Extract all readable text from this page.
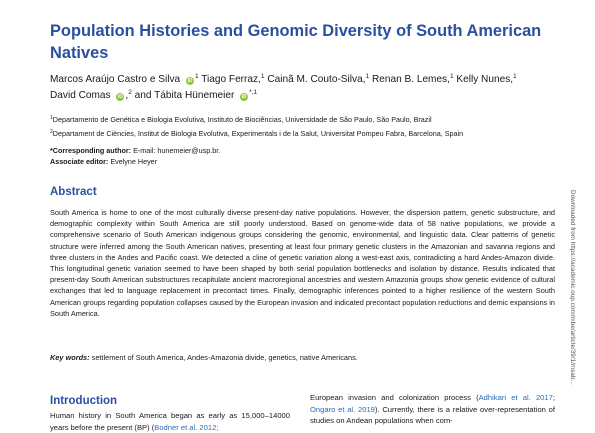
Population Histories and Genomic Diversity of South American Natives
Marcos Araújo Castro e Silva $iD^1$ Tiago Ferraz,$^1$ Cainã M. Couto-Silva,$^1$ Renan B. Lemes,$^1$ Kelly Nunes,$^1$
David Comas iD ,$^2$ and Tábita Hünemeier $iD^{*,1}$
$^1$Departamento de Genética e Biologia Evolutiva, Instituto de Biociências, Universidade de São Paulo, São Paulo, Brazil
$^2$Departament de Ciències, Institut de Biologia Evolutiva, Experimentals i de la Salut, Universitat Pompeu Fabra, Barcelona, Spain
*Corresponding author: E-mail: hunemeier@usp.br.
Associate editor: Evelyne Heyer
Abstract

South America is home to one of the most culturally diverse present-day native populations. However, the dispersion pattern, genetic substructure, and demographic complexity within South America are still poorly understood. Based on genome-wide data of 58 native populations, we provide a comprehensive scenario of South American indigenous groups considering the genomic, environmental, and linguistic data. Clear patterns of genetic structure were inferred among the South American natives, presenting at least four primary genetic clusters in the Amazonian and savanna regions and three clusters in the Andes and Pacific coast. We detected a cline of genetic variation along a west-east axis, contradicting a hard Andes-Amazon divide. This longitudinal genetic variation seemed to have been shaped by both serial population bottlenecks and isolation by distance. Results indicated that present-day South American substructures recapitulate ancient macroregional ancestries and western Amazonia groups show genetic evidence of cultural exchanges that led to language replacement in precontact times. Finally, demographic inferences pointed to a higher resilience of the western South American groups regarding population collapses caused by the European invasion and indicated precontact population reductions and demic expansions in South America.

Key words: settlement of South America, Andes-Amazonia divide, genetics, native Americans.
Introduction
Human history in South America began as early as 15,000–14000 years before the present (BP) (Bodner et al. 2012;
European invasion and colonization process (Adhikari et al. 2017; Ongaro et al. 2019). Currently, there is a relative over-representation of studies on Andean populations when com-
Downloaded from https://academic.oup.com/mbe/article/39/1/msab...
